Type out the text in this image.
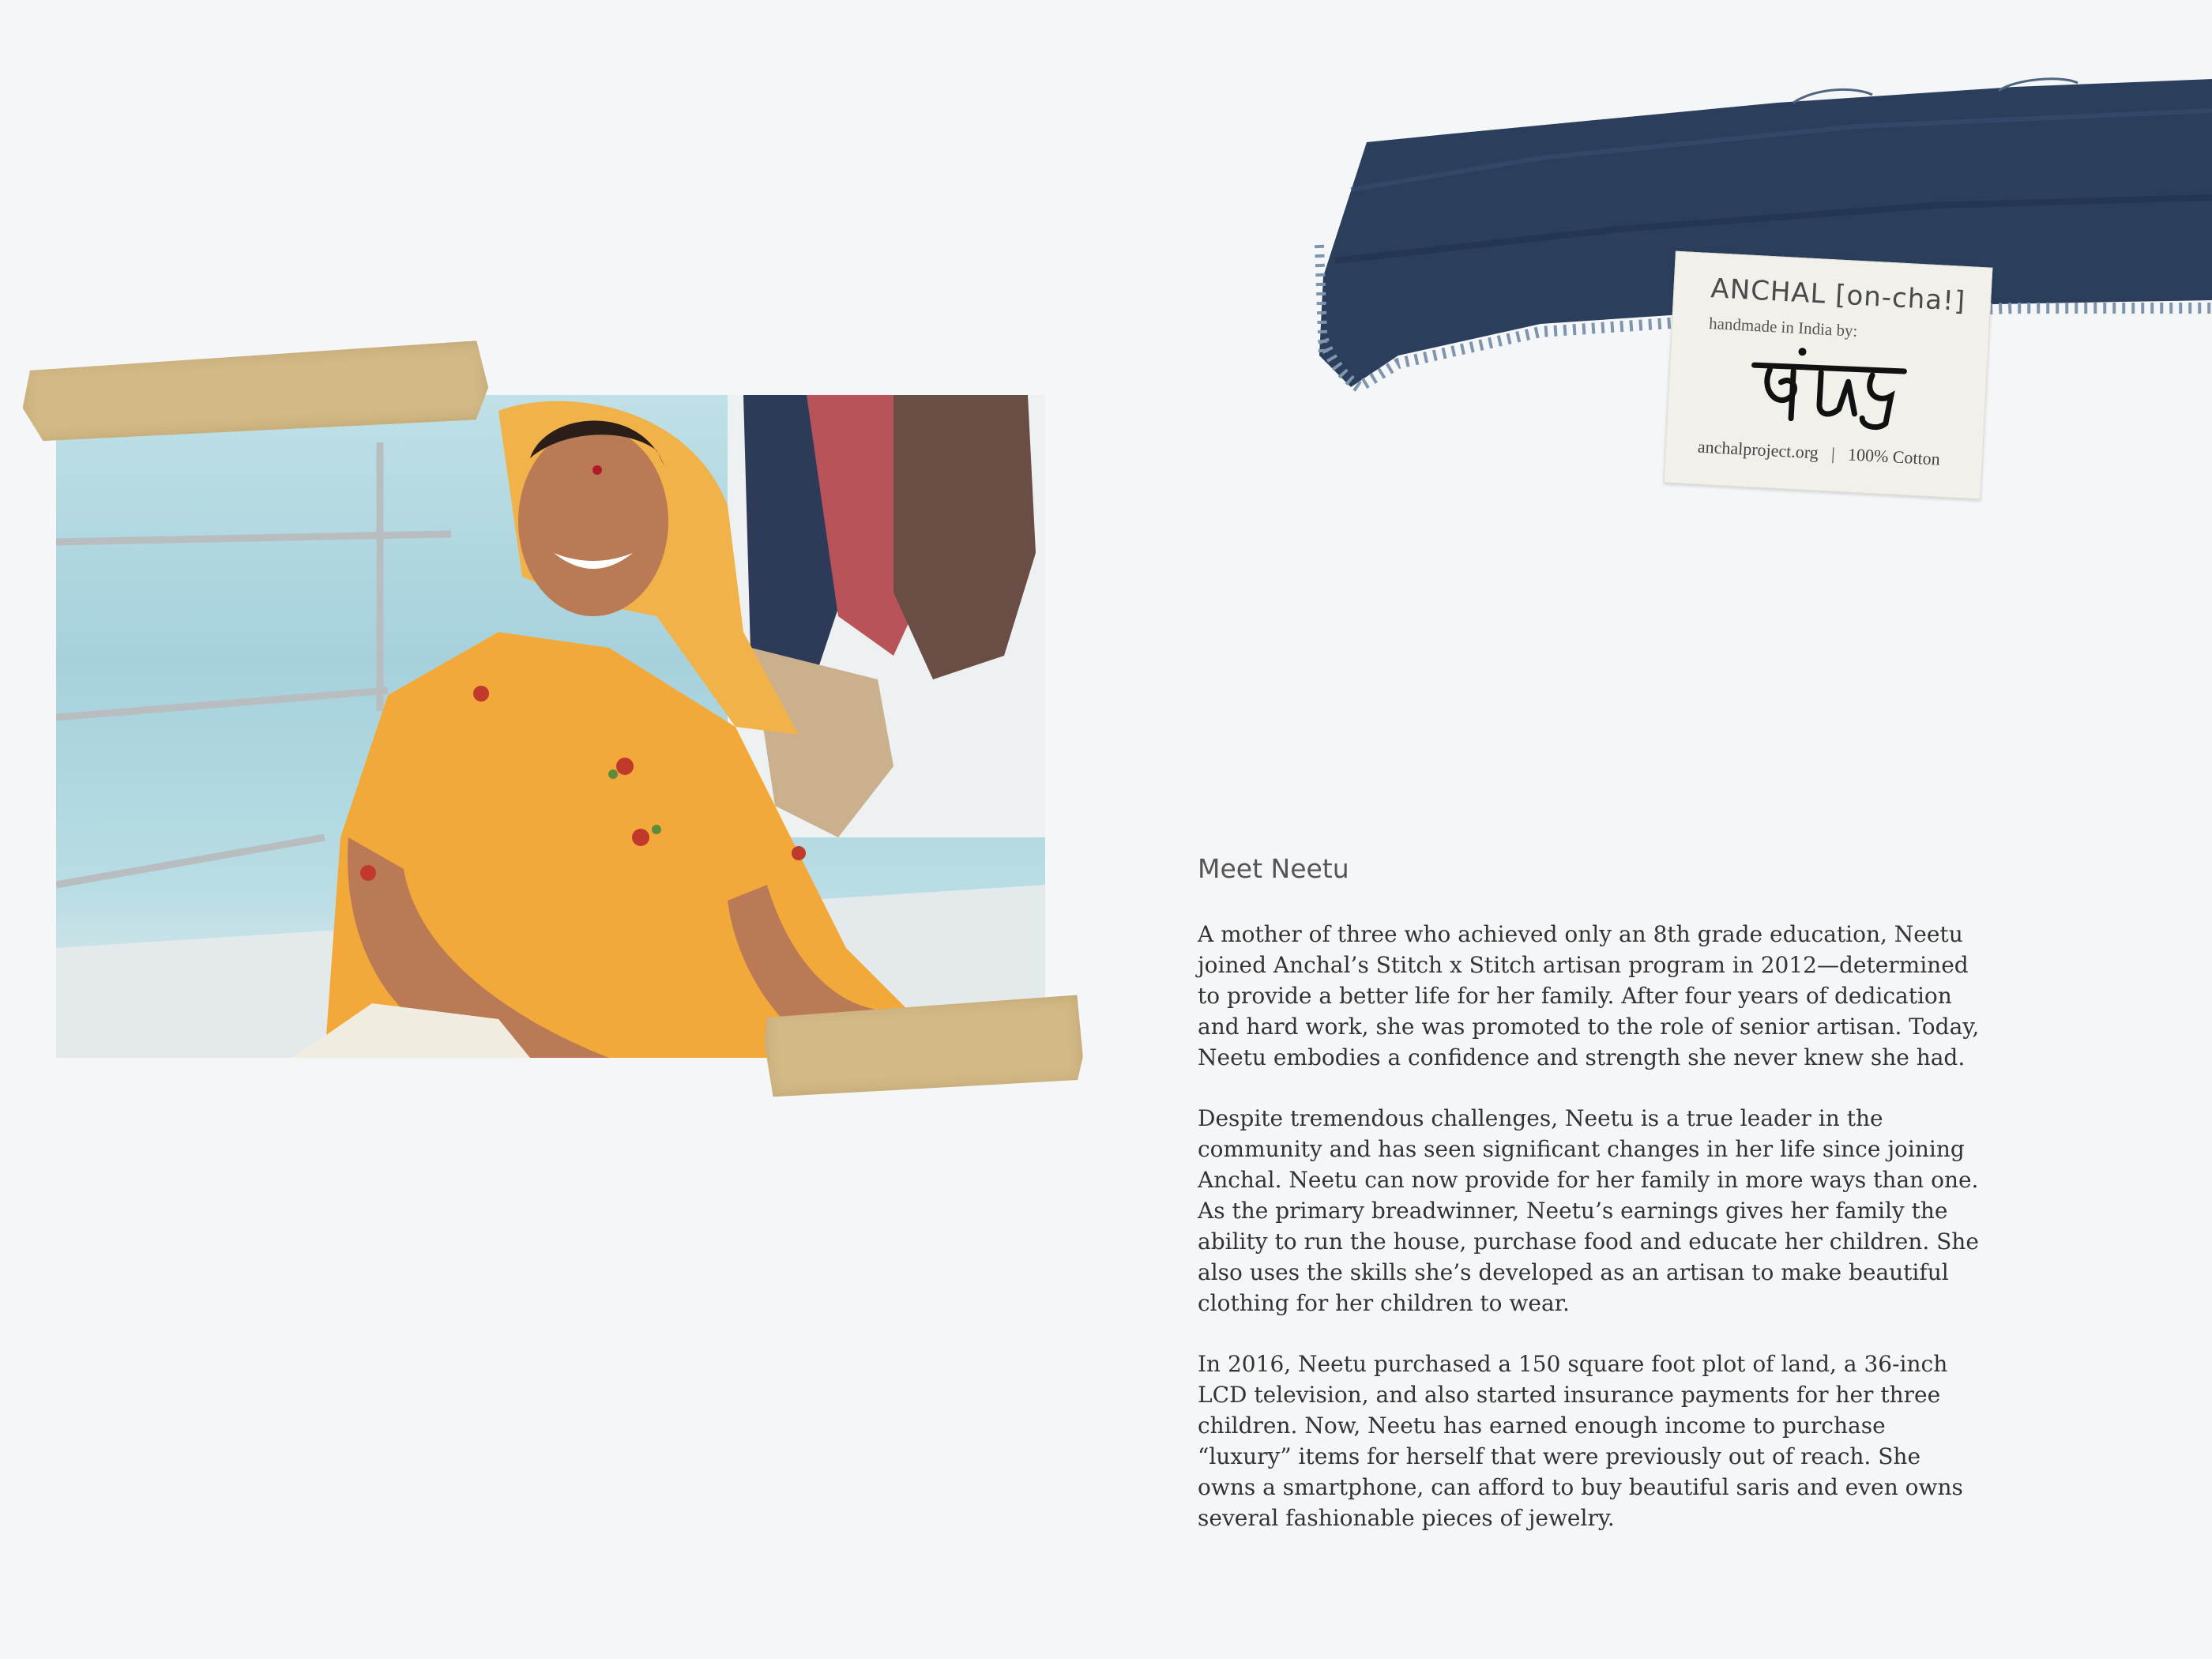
ANCHAL [on-cha!]
handmade in India by:
anchalproject.org | 100% Cotton
Meet Neetu

A mother of three who achieved only an 8th grade education, Neetu joined Anchal’s Stitch x Stitch artisan program in 2012—determined to provide a better life for her family. After four years of dedication and hard work, she was promoted to the role of senior artisan. Today, Neetu embodies a confidence and strength she never knew she had.

Despite tremendous challenges, Neetu is a true leader in the community and has seen significant changes in her life since joining Anchal. Neetu can now provide for her family in more ways than one. As the primary breadwinner, Neetu’s earnings gives her family the ability to run the house, purchase food and educate her children. She also uses the skills she’s developed as an artisan to make beautiful clothing for her children to wear.

In 2016, Neetu purchased a 150 square foot plot of land, a 36-inch LCD television, and also started insurance payments for her three children. Now, Neetu has earned enough income to purchase “luxury” items for herself that were previously out of reach. She owns a smartphone, can afford to buy beautiful saris and even owns several fashionable pieces of jewelry.
